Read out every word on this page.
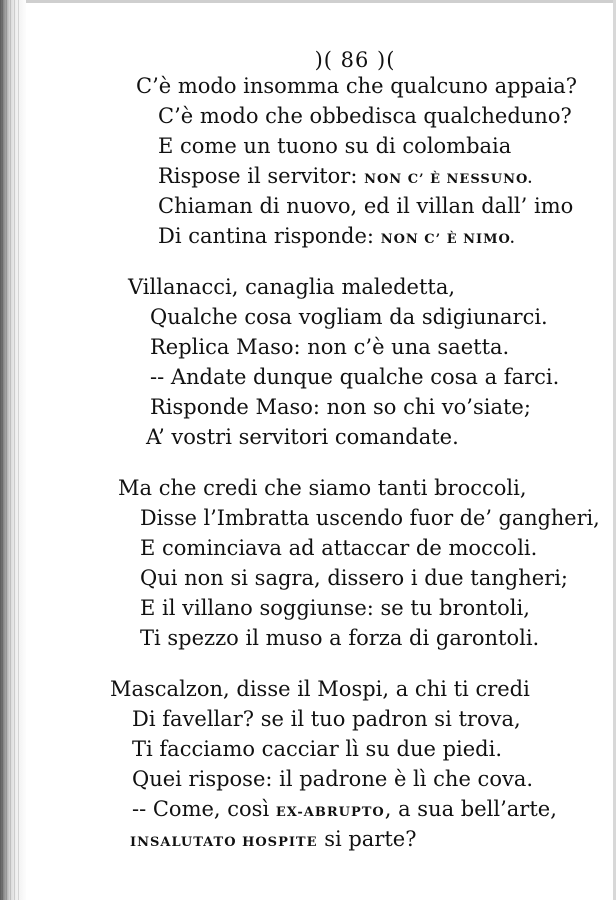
)( 86 )(
C’è modo insomma che qualcuno appaia?
C’è modo che obbedisca qualcheduno?
E come un tuono su di colombaia
Rispose il servitor: NON C’ È NESSUNO.
Chiaman di nuovo, ed il villan dall’ imo
Di cantina risponde: NON C’ È NIMO.
Villanacci, canaglia maledetta,
Qualche cosa vogliam da sdigiunarci.
Replica Maso: non c’è una saetta.
-- Andate dunque qualche cosa a farci.
Risponde Maso: non so chi vo’siate;
A’ vostri servitori comandate.
Ma che credi che siamo tanti broccoli,
Disse l’Imbratta uscendo fuor de’ gangheri,
E cominciava ad attaccar de moccoli.
Qui non si sagra, dissero i due tangheri;
E il villano soggiunse: se tu brontoli,
Ti spezzo il muso a forza di garontoli.
Mascalzon, disse il Mospi, a chi ti credi
Di favellar? se il tuo padron si trova,
Ti facciamo cacciar lì su due piedi.
Quei rispose: il padrone è lì che cova.
-- Come, così EX-ABRUPTO, a sua bell’arte,
INSALUTATO HOSPITE si parte?
